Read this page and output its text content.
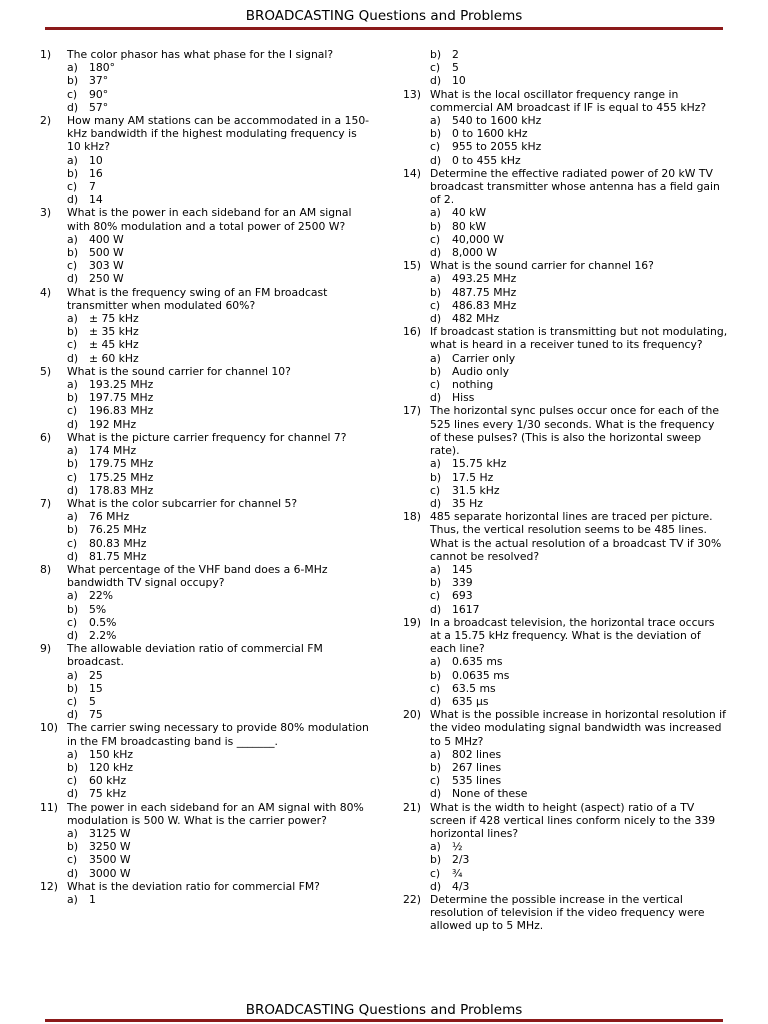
BROADCASTING Questions and Problems
1)	The color phasor has what phase for the I signal?
a)	180°
b)	37°
c)	90°
d)	57°
2)	How many AM stations can be accommodated in a 150-kHz bandwidth if the highest modulating frequency is 10 kHz?
a)	10
b)	16
c)	7
d)	14
3)	What is the power in each sideband for an AM signal with 80% modulation and a total power of 2500 W?
a)	400 W
b)	500 W
c)	303 W
d)	250 W
4)	What is the frequency swing of an FM broadcast transmitter when modulated 60%?
a)	± 75 kHz
b)	± 35 kHz
c)	± 45 kHz
d)	± 60 kHz
5)	What is the sound carrier for channel 10?
a)	193.25 MHz
b)	197.75 MHz
c)	196.83 MHz
d)	192 MHz
6)	What is the picture carrier frequency for channel 7?
a)	174 MHz
b)	179.75 MHz
c)	175.25 MHz
d)	178.83 MHz
7)	What is the color subcarrier for channel 5?
a)	76 MHz
b)	76.25 MHz
c)	80.83 MHz
d)	81.75 MHz
8)	What percentage of the VHF band does a 6-MHz bandwidth TV signal occupy?
a)	22%
b)	5%
c)	0.5%
d)	2.2%
9)	The allowable deviation ratio of commercial FM broadcast.
a)	25
b)	15
c)	5
d)	75
10) The carrier swing necessary to provide 80% modulation in the FM broadcasting band is _______.
a)	150 kHz
b)	120 kHz
c)	60 kHz
d)	75 kHz
11) The power in each sideband for an AM signal with 80% modulation is 500 W. What is the carrier power?
a)	3125 W
b)	3250 W
c)	3500 W
d)	3000 W
12) What is the deviation ratio for commercial FM?
a)	1
b)	2
c)	5
d)	10
13) What is the local oscillator frequency range in commercial AM broadcast if IF is equal to 455 kHz?
a)	540 to 1600 kHz
b)	0 to 1600 kHz
c)	955 to 2055 kHz
d)	0 to 455 kHz
14) Determine the effective radiated power of 20 kW TV broadcast transmitter whose antenna has a field gain of 2.
a)	40 kW
b)	80 kW
c)	40,000 W
d)	8,000 W
15) What is the sound carrier for channel 16?
a)	493.25 MHz
b)	487.75 MHz
c)	486.83 MHz
d)	482 MHz
16) If broadcast station is transmitting but not modulating, what is heard in a receiver tuned to its frequency?
a)	Carrier only
b)	Audio only
c)	nothing
d)	Hiss
17) The horizontal sync pulses occur once for each of the 525 lines every 1/30 seconds. What is the frequency of these pulses? (This is also the horizontal sweep rate).
a)	15.75 kHz
b)	17.5 Hz
c)	31.5 kHz
d)	35 Hz
18) 485 separate horizontal lines are traced per picture. Thus, the vertical resolution seems to be 485 lines. What is the actual resolution of a broadcast TV if 30% cannot be resolved?
a)	145
b)	339
c)	693
d)	1617
19) In a broadcast television, the horizontal trace occurs at a 15.75 kHz frequency. What is the deviation of each line?
a)	0.635 ms
b)	0.0635 ms
c)	63.5 ms
d)	635 µs
20) What is the possible increase in horizontal resolution if the video modulating signal bandwidth was increased to 5 MHz?
a)	802 lines
b)	267 lines
c)	535 lines
d)	None of these
21) What is the width to height (aspect) ratio of a TV screen if 428 vertical lines conform nicely to the 339 horizontal lines?
a)	½
b)	2/3
c)	¾
d)	4/3
22) Determine the possible increase in the vertical resolution of television if the video frequency were allowed up to 5 MHz.
BROADCASTING Questions and Problems
